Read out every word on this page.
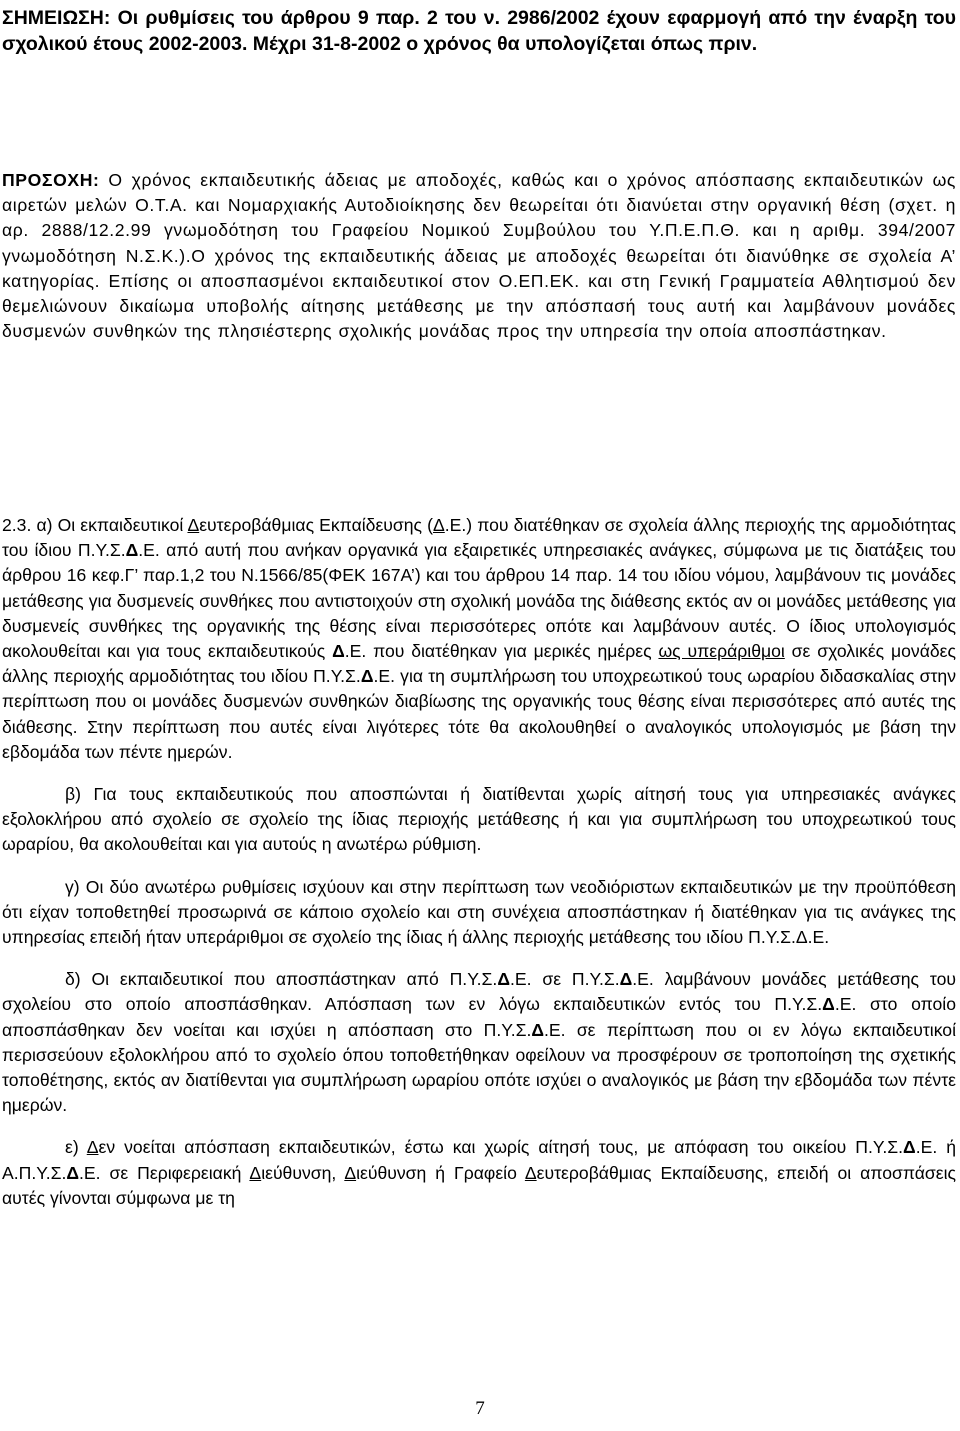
ΣΗΜΕΙΩΣΗ: Οι ρυθμίσεις του άρθρου 9 παρ. 2 του ν. 2986/2002 έχουν εφαρμογή από την έναρξη του σχολικού έτους 2002-2003. Μέχρι 31-8-2002 ο χρόνος θα υπολογίζεται όπως πριν.

ΠΡΟΣΟΧΗ: Ο χρόνος εκπαιδευτικής άδειας με αποδοχές, καθώς και ο χρόνος απόσπασης εκπαιδευτικών ως αιρετών μελών Ο.Τ.Α. και Νομαρχιακής Αυτοδιοίκησης δεν θεωρείται ότι διανύεται στην οργανική θέση (σχετ. η αρ. 2888/12.2.99 γνωμοδότηση του Γραφείου Νομικού Συμβούλου του Υ.Π.Ε.Π.Θ. και η αριθμ. 394/2007 γνωμοδότηση Ν.Σ.Κ.).Ο χρόνος της εκπαιδευτικής άδειας με αποδοχές θεωρείται ότι διανύθηκε σε σχολεία Α’ κατηγορίας. Επίσης οι αποσπασμένοι εκπαιδευτικοί στον Ο.ΕΠ.ΕΚ. και στη Γενική Γραμματεία Αθλητισμού δεν θεμελιώνουν δικαίωμα υποβολής αίτησης μετάθεσης με την απόσπασή τους αυτή και λαμβάνουν μονάδες δυσμενών συνθηκών της πλησιέστερης σχολικής μονάδας προς την υπηρεσία την οποία αποσπάστηκαν.

2.3. α) Οι εκπαιδευτικοί Δευτεροβάθμιας Εκπαίδευσης (Δ.Ε.) που διατέθηκαν σε σχολεία άλλης περιοχής της αρμοδιότητας του ίδιου Π.Υ.Σ.Δ.Ε. από αυτή που ανήκαν οργανικά για εξαιρετικές υπηρεσιακές ανάγκες, σύμφωνα με τις διατάξεις του άρθρου 16 κεφ.Γ’ παρ.1,2 του Ν.1566/85(ΦΕΚ 167Α’) και του άρθρου 14 παρ. 14 του ιδίου νόμου, λαμβάνουν τις μονάδες μετάθεσης για δυσμενείς συνθήκες που αντιστοιχούν στη σχολική μονάδα της διάθεσης εκτός αν οι μονάδες μετάθεσης για δυσμενείς συνθήκες της οργανικής της θέσης είναι περισσότερες οπότε και λαμβάνουν αυτές. Ο ίδιος υπολογισμός ακολουθείται και για τους εκπαιδευτικούς Δ.Ε. που διατέθηκαν για μερικές ημέρες ως υπεράριθμοι σε σχολικές μονάδες άλλης περιοχής αρμοδιότητας του ιδίου Π.Υ.Σ.Δ.Ε. για τη συμπλήρωση του υποχρεωτικού τους ωραρίου διδασκαλίας στην περίπτωση που οι μονάδες δυσμενών συνθηκών διαβίωσης της οργανικής τους θέσης είναι περισσότερες από αυτές της διάθεσης. Στην περίπτωση που αυτές είναι λιγότερες τότε θα ακολουθηθεί ο αναλογικός υπολογισμός με βάση την εβδομάδα των πέντε ημερών.

β) Για τους εκπαιδευτικούς που αποσπώνται ή διατίθενται χωρίς αίτησή τους για υπηρεσιακές ανάγκες εξολοκλήρου από σχολείο σε σχολείο της ίδιας περιοχής μετάθεσης ή και για συμπλήρωση του υποχρεωτικού τους ωραρίου, θα ακολουθείται και για αυτούς η ανωτέρω ρύθμιση.

γ) Οι δύο ανωτέρω ρυθμίσεις ισχύουν και στην περίπτωση των νεοδιόριστων εκπαιδευτικών με την προϋπόθεση ότι είχαν τοποθετηθεί προσωρινά σε κάποιο σχολείο και στη συνέχεια αποσπάστηκαν ή διατέθηκαν για τις ανάγκες της υπηρεσίας επειδή ήταν υπεράριθμοι σε σχολείο της ίδιας ή άλλης περιοχής μετάθεσης του ιδίου Π.Υ.Σ.Δ.Ε.

δ) Οι εκπαιδευτικοί που αποσπάστηκαν από Π.Υ.Σ.Δ.Ε. σε Π.Υ.Σ.Δ.Ε. λαμβάνουν μονάδες μετάθεσης του σχολείου στο οποίο αποσπάσθηκαν. Απόσπαση των εν λόγω εκπαιδευτικών εντός του Π.Υ.Σ.Δ.Ε. στο οποίο αποσπάσθηκαν δεν νοείται και ισχύει η απόσπαση στο Π.Υ.Σ.Δ.Ε. σε περίπτωση που οι εν λόγω εκπαιδευτικοί περισσεύουν εξολοκλήρου από το σχολείο όπου τοποθετήθηκαν οφείλουν να προσφέρουν σε τροποποίηση της σχετικής τοποθέτησης, εκτός αν διατίθενται για συμπλήρωση ωραρίου οπότε ισχύει ο αναλογικός με βάση την εβδομάδα των πέντε ημερών.

ε) Δεν νοείται απόσπαση εκπαιδευτικών, έστω και χωρίς αίτησή τους, με απόφαση του οικείου Π.Υ.Σ.Δ.Ε. ή Α.Π.Υ.Σ.Δ.Ε. σε Περιφερειακή Διεύθυνση, Διεύθυνση ή Γραφείο Δευτεροβάθμιας Εκπαίδευσης, επειδή οι αποσπάσεις αυτές γίνονται σύμφωνα με τη

7
